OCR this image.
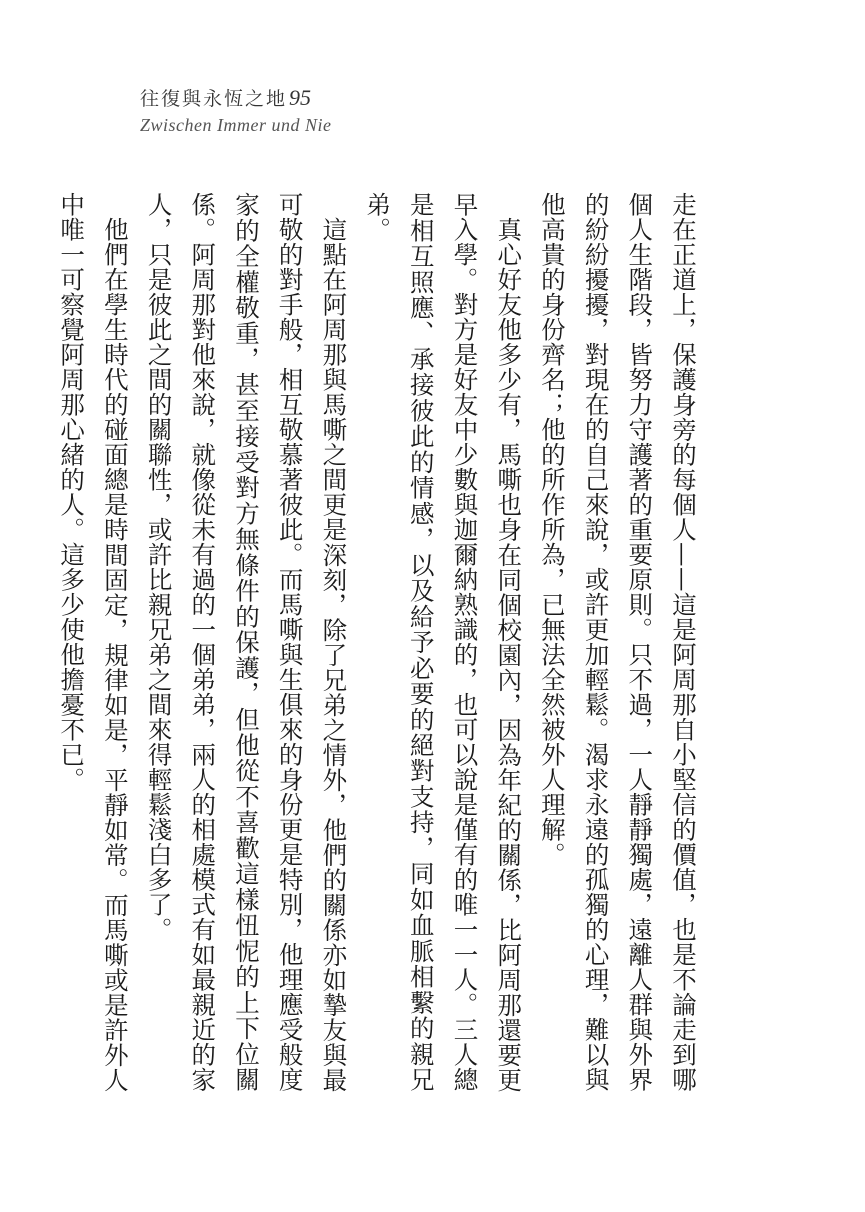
往復與永恆之地95
Zwischen Immer und Nie

走在正道上，保護身旁的每個人——這是阿周那自小堅信的價值，也是不論走到哪個人生階段，皆努力守護著的重要原則。只不過，一人靜靜獨處，遠離人群與外界的紛紛擾擾，對現在的自己來說，或許更加輕鬆。渴求永遠的孤獨的心理，難以與他高貴的身份齊名；他的所作所為，已無法全然被外人理解。

真心好友他多少有，馬嘶也身在同個校園內，因為年紀的關係，比阿周那還要更早入學。對方是好友中少數與迦爾納熟識的，也可以說是僅有的唯一一人。三人總是相互照應、承接彼此的情感，以及給予必要的絕對支持，同如血脈相繫的親兄弟。

這點在阿周那與馬嘶之間更是深刻，除了兄弟之情外，他們的關係亦如摯友與最可敬的對手般，相互敬慕著彼此。而馬嘶與生俱來的身份更是特別，他理應受般度家的全權敬重，甚至接受對方無條件的保護，但他從不喜歡這樣忸怩的上下位關係。阿周那對他來說，就像從未有過的一個弟弟，兩人的相處模式有如最親近的家人，只是彼此之間的關聯性，或許比親兄弟之間來得輕鬆淺白多了。

他們在學生時代的碰面總是時間固定，規律如是，平靜如常。而馬嘶或是許外人中唯一可察覺阿周那心緒的人。這多少使他擔憂不已。
